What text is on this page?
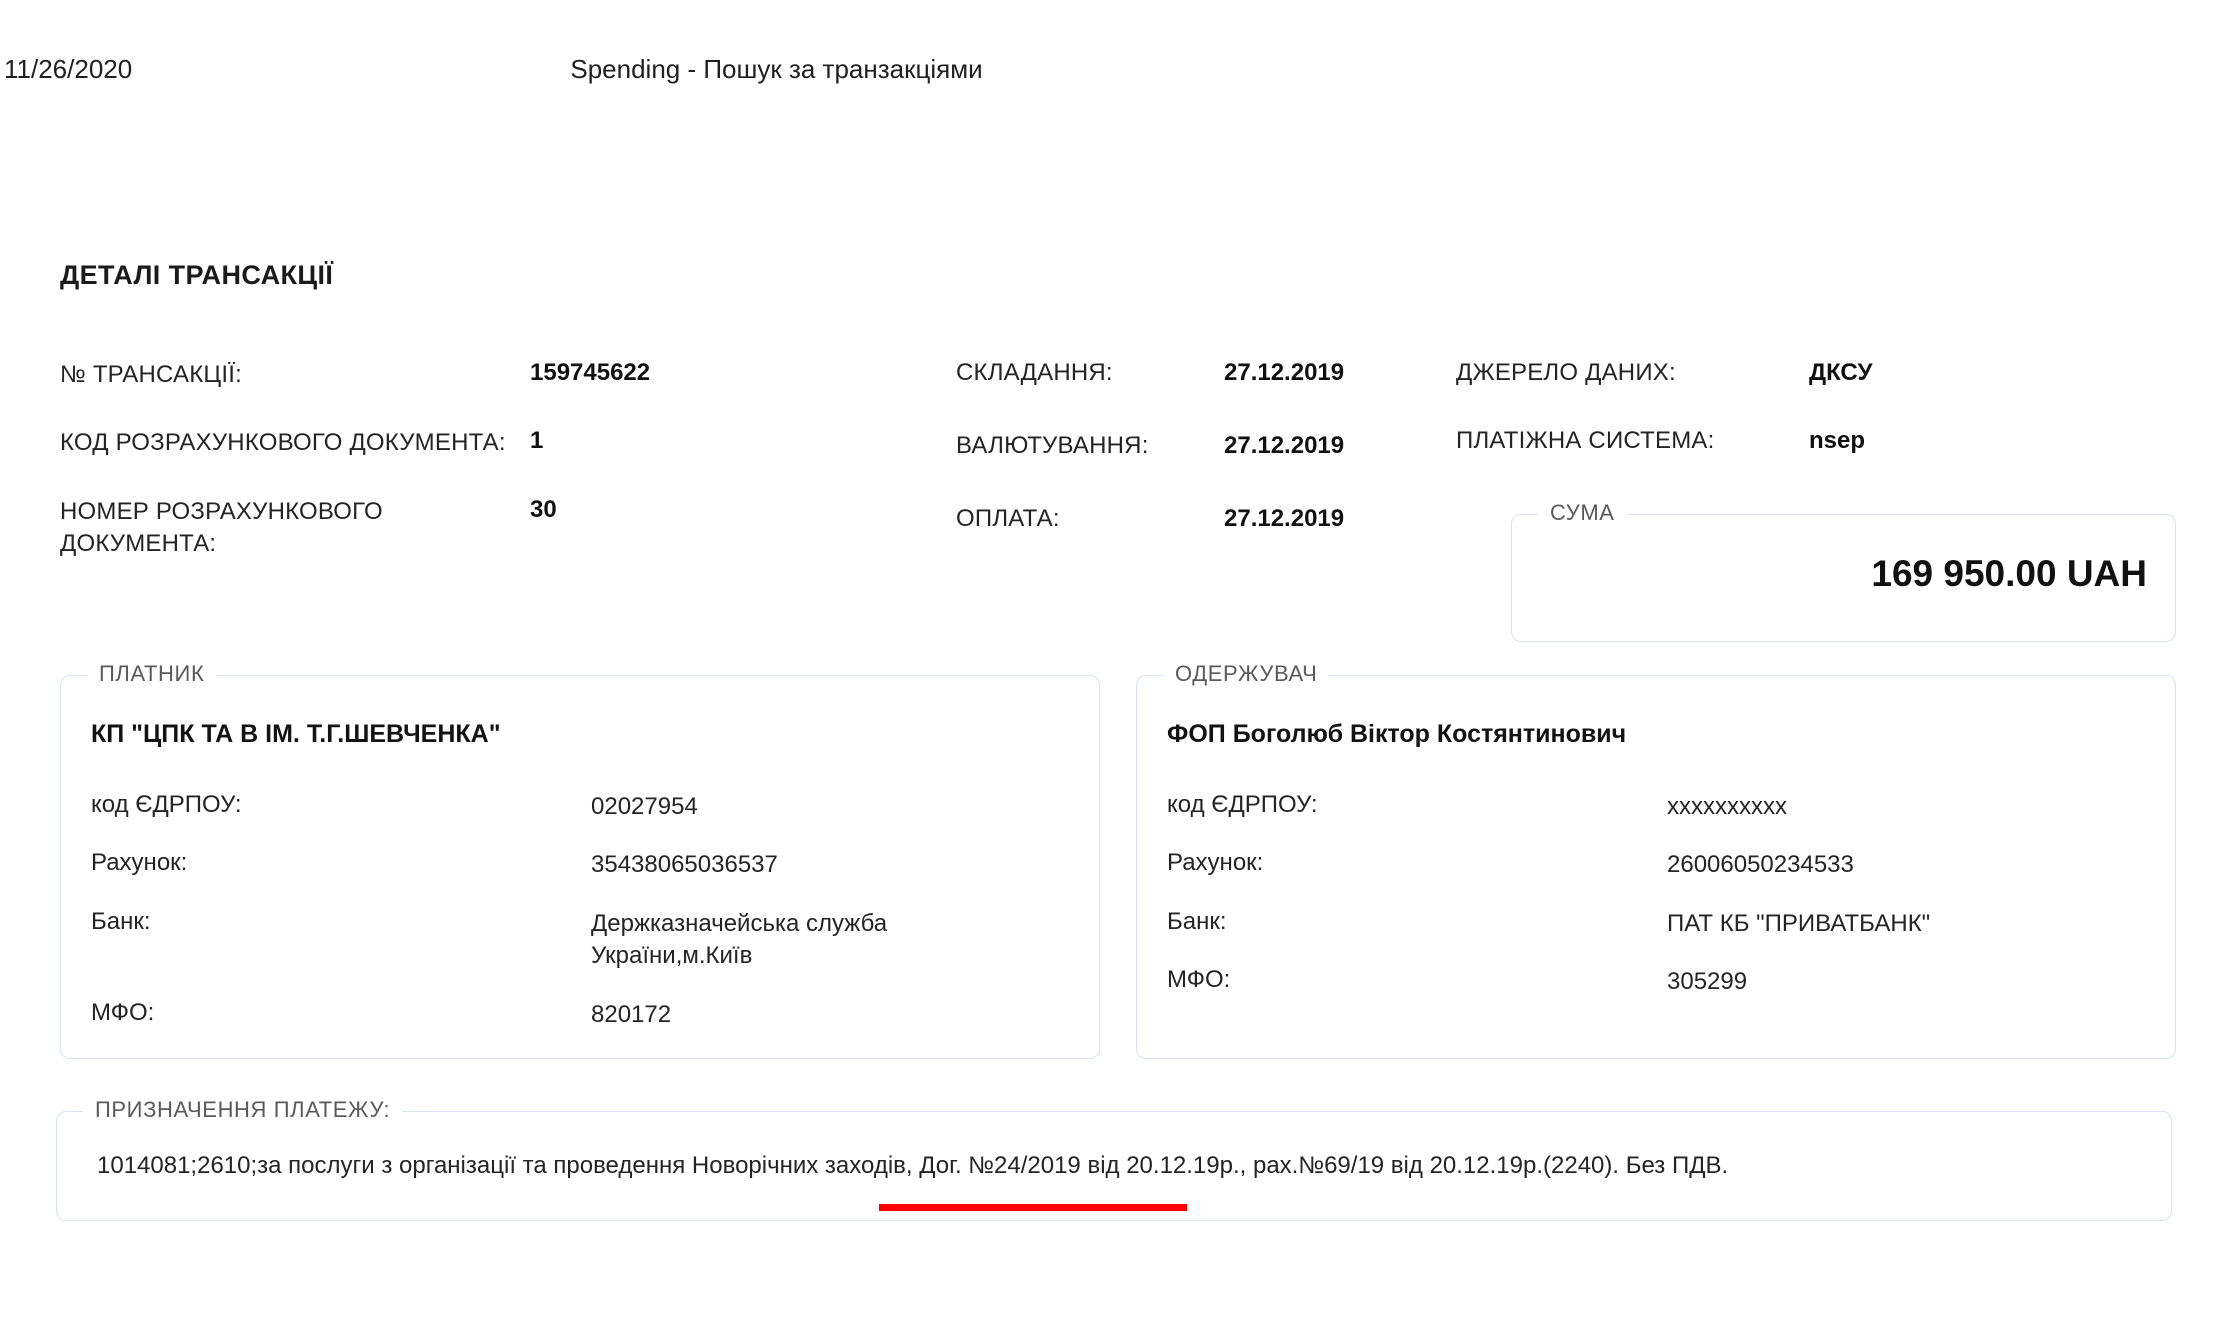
11/26/2020	Spending - Пошук за транзакціями
ДЕТАЛІ ТРАНСАКЦІЇ
№ ТРАНСАКЦІЇ:	159745622
КОД РОЗРАХУНКОВОГО ДОКУМЕНТА:	1
НОМЕР РОЗРАХУНКОВОГО ДОКУМЕНТА:
30
СКЛАДАННЯ:	27.12.2019
ВАЛЮТУВАННЯ:	27.12.2019
ОПЛАТА:	27.12.2019
ДЖЕРЕЛО ДАНИХ:	ДКСУ
ПЛАТІЖНА СИСТЕМА:	nsep
СУМА
169 950.00 UAH
ПЛАТНИК
КП "ЦПК ТА В ІМ. Т.Г.ШЕВЧЕНКА"
код ЄДРПОУ:	02027954
Рахунок:	35438065036537
Банк:	Держказначейська служба України,м.Київ
МФО:	820172
ОДЕРЖУВАЧ
ФОП Боголюб Віктор Костянтинович
код ЄДРПОУ:	xxxxxxxxxx
Рахунок:	26006050234533
Банк:	ПАТ КБ "ПРИВАТБАНК"
МФО:	305299
ПРИЗНАЧЕННЯ ПЛАТЕЖУ:
1014081;2610;за послуги з організації та проведення Новорічних заходів, Дог. №24/2019 від 20.12.19р., рах.№69/19 від 20.12.19р.(2240). Без ПДВ.
